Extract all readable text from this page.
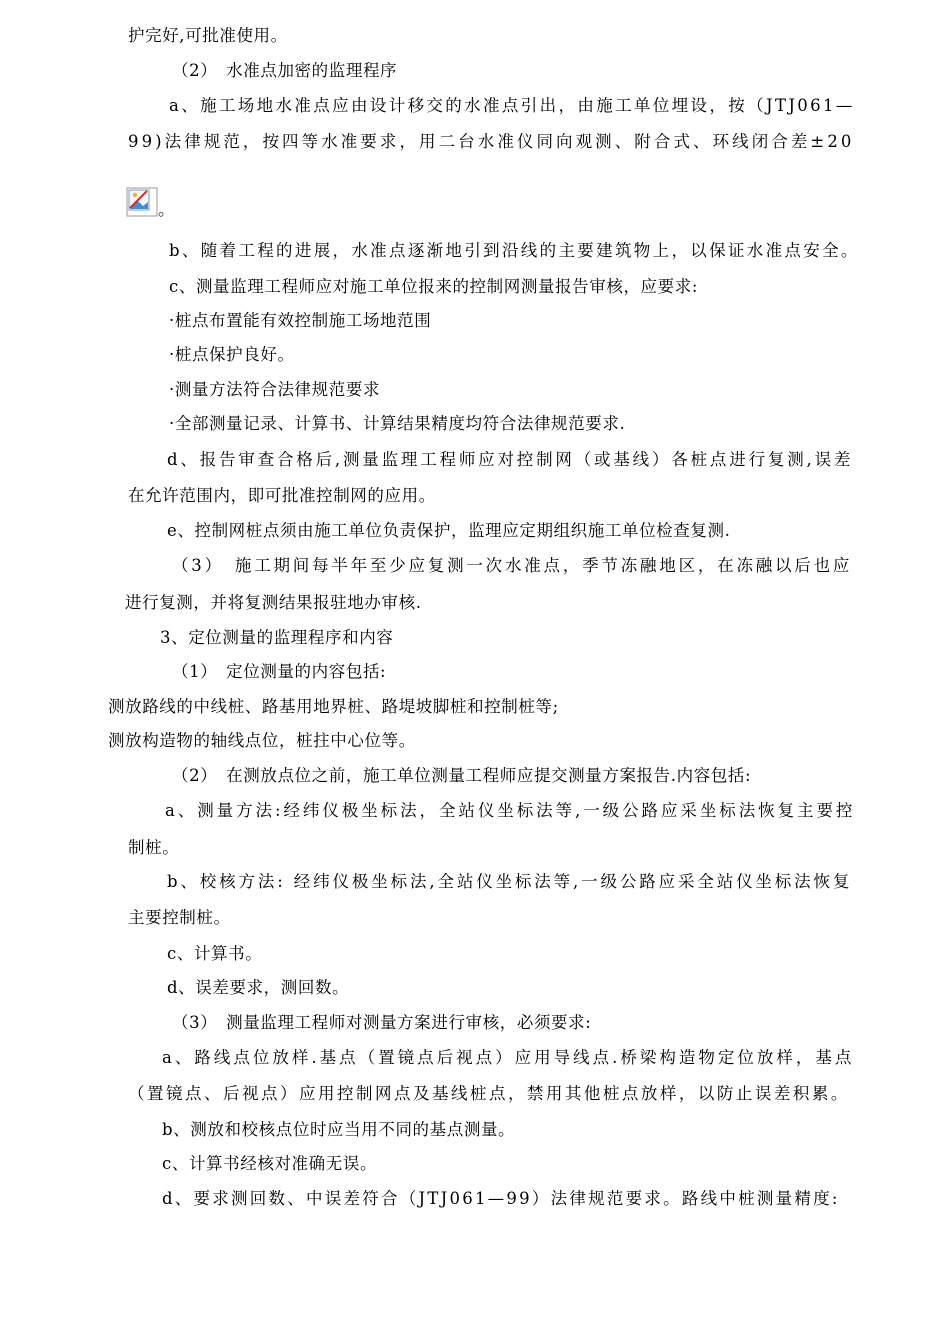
护完好,可批准使用。
（2）　水准点加密的监理程序
a、施工场地水准点应由设计移交的水准点引出，由施工单位埋设，按（JTJ061—
99)法律规范，按四等水准要求，用二台水准仪同向观测、附合式、环线闭合差±20
。
b、随着工程的进展，水准点逐渐地引到沿线的主要建筑物上，以保证水准点安全。
c、测量监理工程师应对施工单位报来的控制网测量报告审核，应要求:
·桩点布置能有效控制施工场地范围
·桩点保护良好。
·测量方法符合法律规范要求
·全部测量记录、计算书、计算结果精度均符合法律规范要求.
d、报告审查合格后,测量监理工程师应对控制网（或基线）各桩点进行复测,误差
在允许范围内，即可批准控制网的应用。
e、控制网桩点须由施工单位负责保护，监理应定期组织施工单位检查复测.
（3）　施工期间每半年至少应复测一次水准点，季节冻融地区，在冻融以后也应
进行复测，并将复测结果报驻地办审核.
3、定位测量的监理程序和内容
（1）　定位测量的内容包括:
测放路线的中线桩、路基用地界桩、路堤坡脚桩和控制桩等;
测放构造物的轴线点位，桩拄中心位等。
（2）　在测放点位之前，施工单位测量工程师应提交测量方案报告.内容包括:
a、测量方法:经纬仪极坐标法，全站仪坐标法等,一级公路应采坐标法恢复主要控
制桩。
b、校核方法: 经纬仪极坐标法,全站仪坐标法等,一级公路应采全站仪坐标法恢复
主要控制桩。
c、计算书。
d、误差要求，测回数。
（3）　测量监理工程师对测量方案进行审核，必须要求:
a、路线点位放样.基点（置镜点后视点）应用导线点.桥梁构造物定位放样，基点
（置镜点、后视点）应用控制网点及基线桩点，禁用其他桩点放样，以防止误差积累。
b、测放和校核点位时应当用不同的基点测量。
c、计算书经核对准确无误。
d、要求测回数、中误差符合（JTJ061—99）法律规范要求。路线中桩测量精度:
